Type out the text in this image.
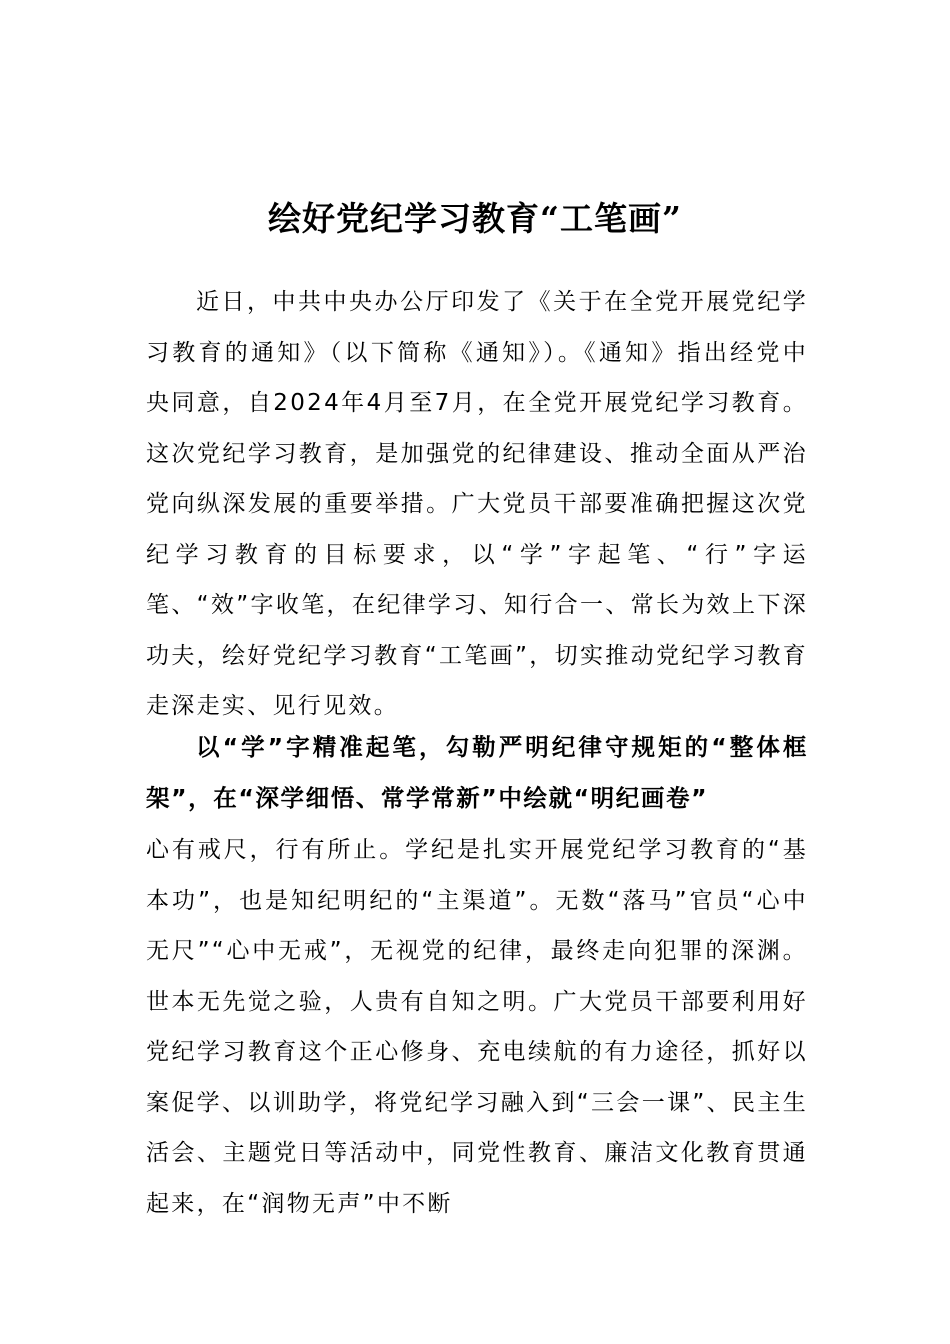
绘好党纪学习教育“工笔画”

近日，中共中央办公厅印发了《关于在全党开展党纪学习教育的通知》（以下简称《通知》）。《通知》指出经党中央同意，自2024年4月至7月，在全党开展党纪学习教育。这次党纪学习教育，是加强党的纪律建设、推动全面从严治党向纵深发展的重要举措。广大党员干部要准确把握这次党纪学习教育的目标要求，以“学”字起笔、“行”字运笔、“效”字收笔，在纪律学习、知行合一、常长为效上下深功夫，绘好党纪学习教育“工笔画”，切实推动党纪学习教育走深走实、见行见效。

以“学”字精准起笔，勾勒严明纪律守规矩的“整体框架”，在“深学细悟、常学常新”中绘就“明纪画卷”

心有戒尺，行有所止。学纪是扎实开展党纪学习教育的“基本功”，也是知纪明纪的“主渠道”。无数“落马”官员“心中无尺”“心中无戒”，无视党的纪律，最终走向犯罪的深渊。世本无先觉之验，人贵有自知之明。广大党员干部要利用好党纪学习教育这个正心修身、充电续航的有力途径，抓好以案促学、以训助学，将党纪学习融入到“三会一课”、民主生活会、主题党日等活动中，同党性教育、廉洁文化教育贯通起来，在“润物无声”中不断
